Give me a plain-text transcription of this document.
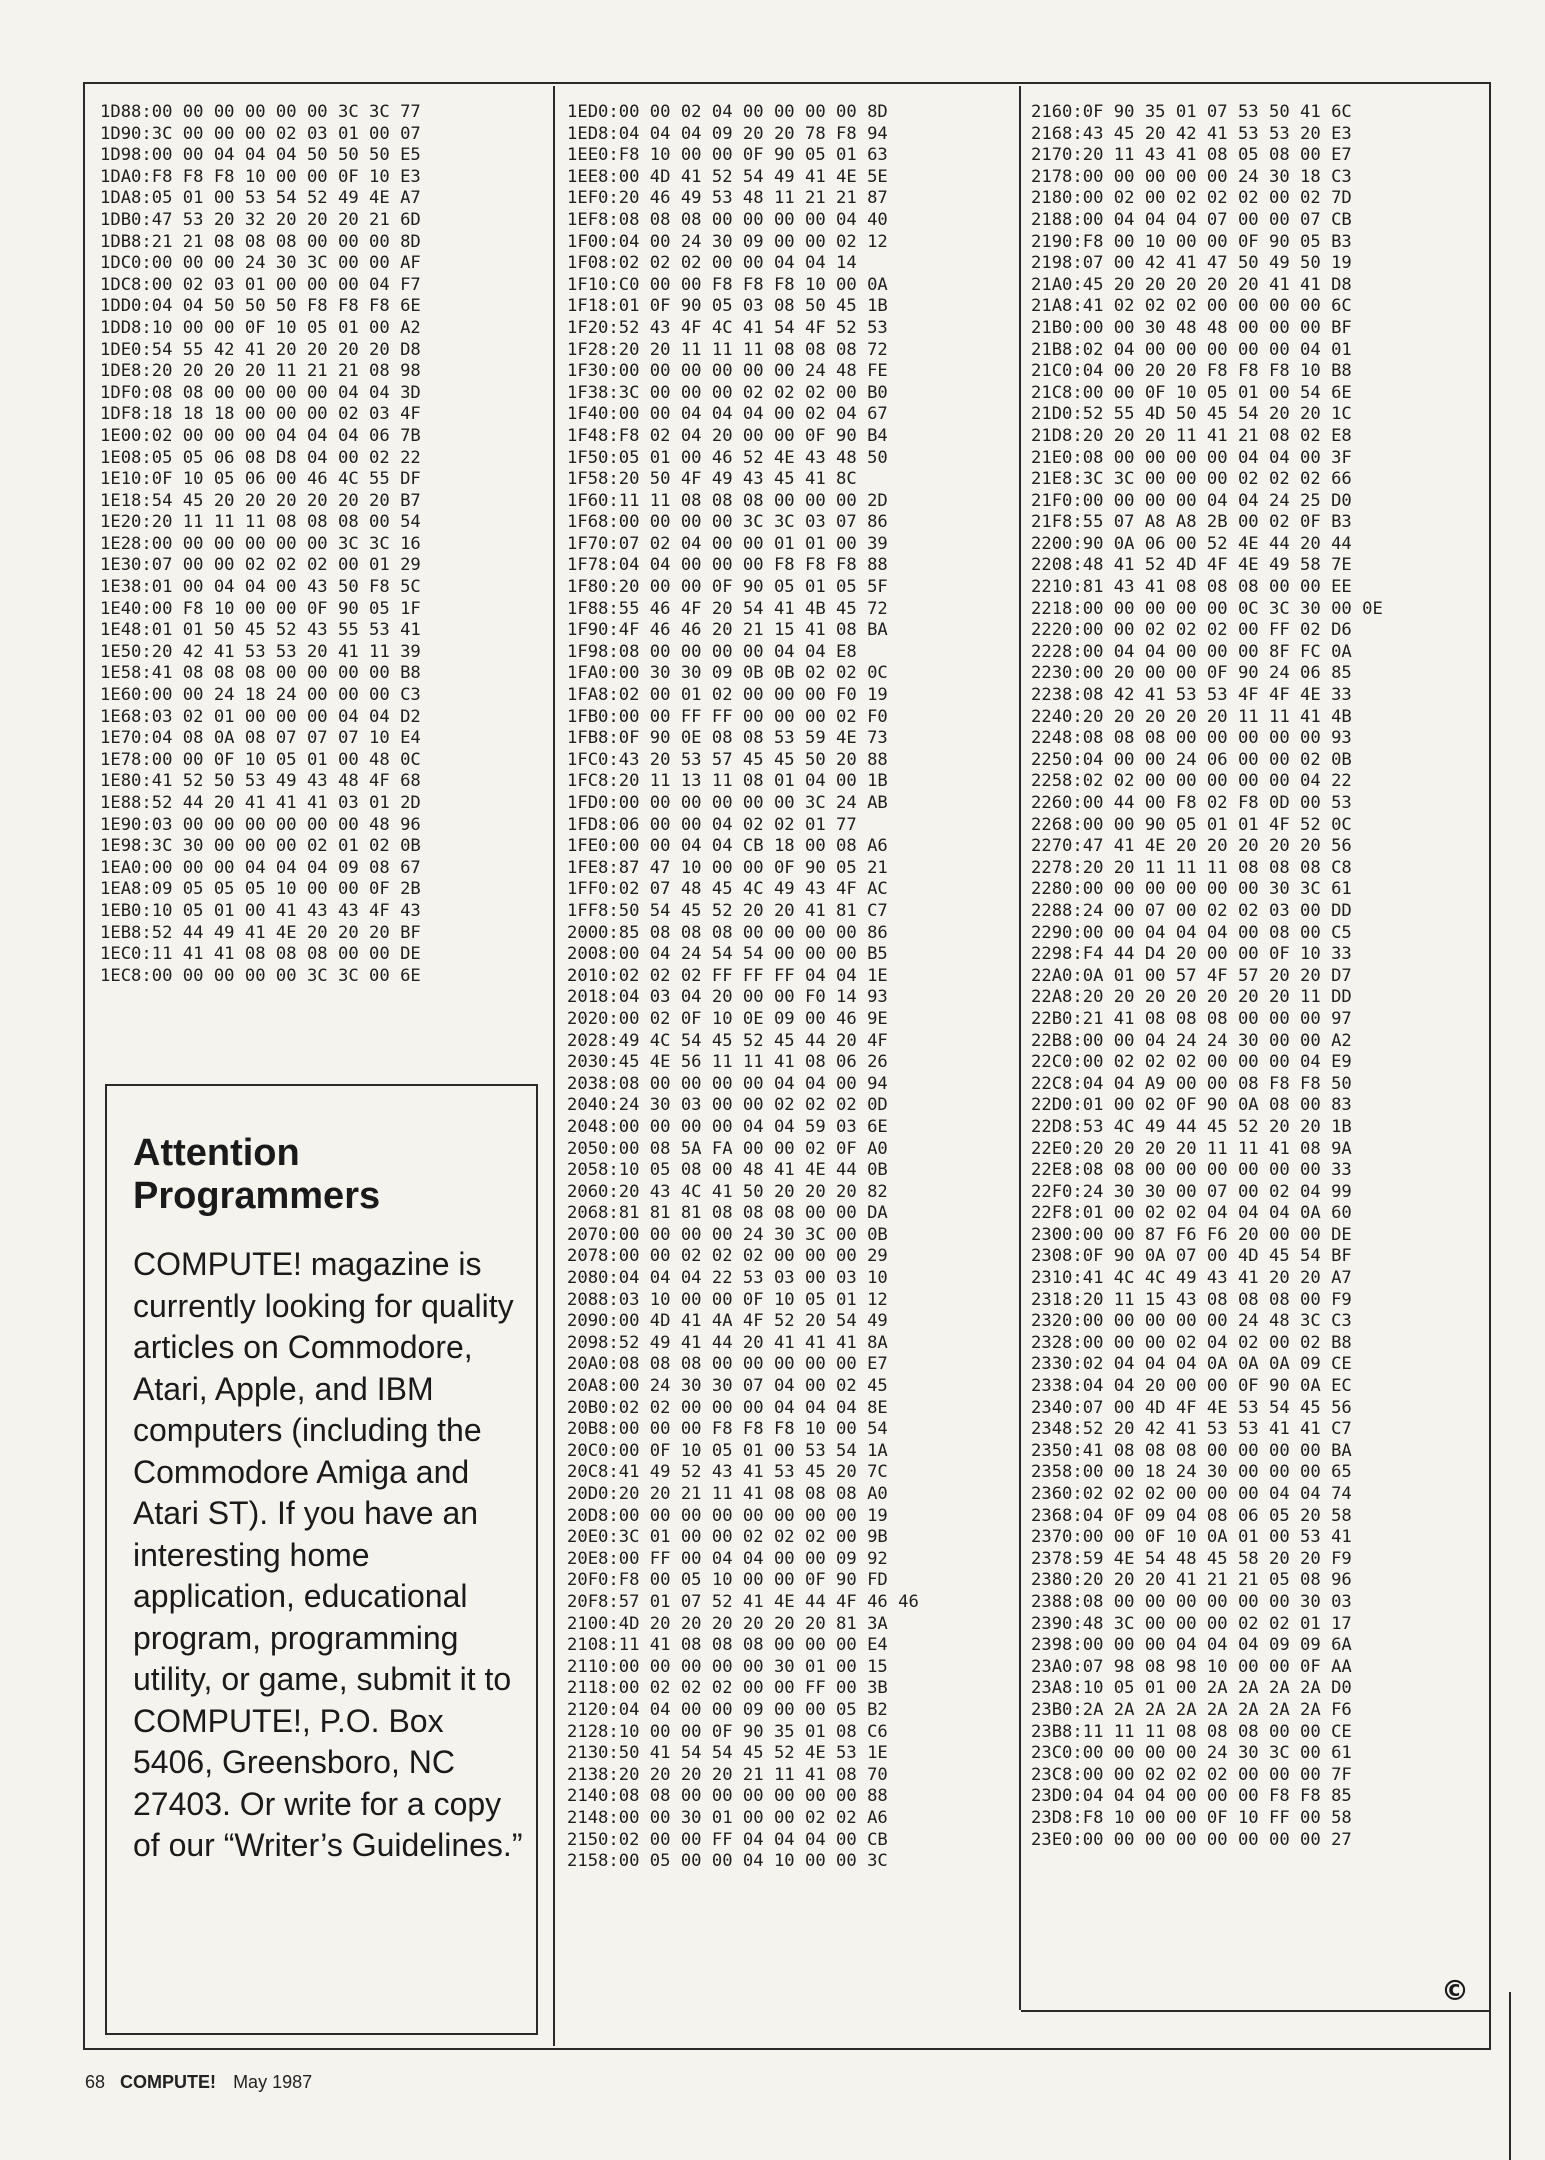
1D88:00 00 00 00 00 00 3C 3C 77
1D90:3C 00 00 00 02 03 01 00 07
1D98:00 00 04 04 04 50 50 50 E5
1DA0:F8 F8 F8 10 00 00 0F 10 E3
1DA8:05 01 00 53 54 52 49 4E A7
1DB0:47 53 20 32 20 20 20 21 6D
1DB8:21 21 08 08 08 00 00 00 8D
1DC0:00 00 00 24 30 3C 00 00 AF
1DC8:00 02 03 01 00 00 00 04 F7
1DD0:04 04 50 50 50 F8 F8 F8 6E
1DD8:10 00 00 0F 10 05 01 00 A2
1DE0:54 55 42 41 20 20 20 20 D8
1DE8:20 20 20 20 11 21 21 08 98
1DF0:08 08 00 00 00 00 04 04 3D
1DF8:18 18 18 00 00 00 02 03 4F
1E00:02 00 00 00 04 04 04 06 7B
1E08:05 05 06 08 D8 04 00 02 22
1E10:0F 10 05 06 00 46 4C 55 DF
1E18:54 45 20 20 20 20 20 20 B7
1E20:20 11 11 11 08 08 08 00 54
1E28:00 00 00 00 00 00 3C 3C 16
1E30:07 00 00 02 02 02 00 01 29
1E38:01 00 04 04 00 43 50 F8 5C
1E40:00 F8 10 00 00 0F 90 05 1F
1E48:01 01 50 45 52 43 55 53 41
1E50:20 42 41 53 53 20 41 11 39
1E58:41 08 08 08 00 00 00 00 B8
1E60:00 00 24 18 24 00 00 00 C3
1E68:03 02 01 00 00 00 04 04 D2
1E70:04 08 0A 08 07 07 07 10 E4
1E78:00 00 0F 10 05 01 00 48 0C
1E80:41 52 50 53 49 43 48 4F 68
1E88:52 44 20 41 41 41 03 01 2D
1E90:03 00 00 00 00 00 00 48 96
1E98:3C 30 00 00 00 02 01 02 0B
1EA0:00 00 00 04 04 04 09 08 67
1EA8:09 05 05 05 10 00 00 0F 2B
1EB0:10 05 01 00 41 43 43 4F 43
1EB8:52 44 49 41 4E 20 20 20 BF
1EC0:11 41 41 08 08 08 00 00 DE
1EC8:00 00 00 00 00 3C 3C 00 6E
1ED0:00 00 02 04 00 00 00 00 8D
1ED8:04 04 04 09 20 20 78 F8 94
1EE0:F8 10 00 00 0F 90 05 01 63
1EE8:00 4D 41 52 54 49 41 4E 5E
1EF0:20 46 49 53 48 11 21 21 87
1EF8:08 08 08 00 00 00 00 04 40
1F00:04 00 24 30 09 00 00 02 12
1F08:02 02 02 00 00 04 04 14
1F10:C0 00 00 F8 F8 F8 10 00 0A
1F18:01 0F 90 05 03 08 50 45 1B
1F20:52 43 4F 4C 41 54 4F 52 53
1F28:20 20 11 11 11 08 08 08 72
1F30:00 00 00 00 00 00 24 48 FE
1F38:3C 00 00 00 02 02 02 00 B0
1F40:00 00 04 04 04 00 02 04 67
1F48:F8 02 04 20 00 00 0F 90 B4
1F50:05 01 00 46 52 4E 43 48 50
1F58:20 50 4F 49 43 45 41 8C
1F60:11 11 08 08 08 00 00 00 2D
1F68:00 00 00 00 3C 3C 03 07 86
1F70:07 02 04 00 00 01 01 00 39
1F78:04 04 00 00 00 F8 F8 F8 88
1F80:20 00 00 0F 90 05 01 05 5F
1F88:55 46 4F 20 54 41 4B 45 72
1F90:4F 46 46 20 21 15 41 08 BA
1F98:08 00 00 00 00 04 04 E8
1FA0:00 30 30 09 0B 0B 02 02 0C
1FA8:02 00 01 02 00 00 00 F0 19
1FB0:00 00 FF FF 00 00 00 02 F0
1FB8:0F 90 0E 08 08 53 59 4E 73
1FC0:43 20 53 57 45 45 50 20 88
1FC8:20 11 13 11 08 01 04 00 1B
1FD0:00 00 00 00 00 00 3C 24 AB
1FD8:06 00 00 04 02 02 01 77
1FE0:00 00 04 04 CB 18 00 08 A6
1FE8:87 47 10 00 00 0F 90 05 21
1FF0:02 07 48 45 4C 49 43 4F AC
1FF8:50 54 45 52 20 20 41 81 C7
2000:85 08 08 08 00 00 00 00 86
2008:00 04 24 54 54 00 00 00 B5
2010:02 02 02 FF FF FF 04 04 1E
2018:04 03 04 20 00 00 F0 14 93
2020:00 02 0F 10 0E 09 00 46 9E
2028:49 4C 54 45 52 45 44 20 4F
2030:45 4E 56 11 11 41 08 06 26
2038:08 00 00 00 00 04 04 00 94
2040:24 30 03 00 00 02 02 02 0D
2048:00 00 00 00 04 04 59 03 6E
2050:00 08 5A FA 00 00 02 0F A0
2058:10 05 08 00 48 41 4E 44 0B
2060:20 43 4C 41 50 20 20 20 82
2068:81 81 81 08 08 08 00 00 DA
2070:00 00 00 00 24 30 3C 00 0B
2078:00 00 02 02 02 00 00 00 29
2080:04 04 04 22 53 03 00 03 10
2088:03 10 00 00 0F 10 05 01 12
2090:00 4D 41 4A 4F 52 20 54 49
2098:52 49 41 44 20 41 41 41 8A
20A0:08 08 08 00 00 00 00 00 E7
20A8:00 24 30 30 07 04 00 02 45
20B0:02 02 00 00 00 04 04 04 8E
20B8:00 00 00 F8 F8 F8 10 00 54
20C0:00 0F 10 05 01 00 53 54 1A
20C8:41 49 52 43 41 53 45 20 7C
20D0:20 20 21 11 41 08 08 08 A0
20D8:00 00 00 00 00 00 00 00 19
20E0:3C 01 00 00 02 02 02 00 9B
20E8:00 FF 00 04 04 00 00 09 92
20F0:F8 00 05 10 00 00 0F 90 FD
20F8:57 01 07 52 41 4E 44 4F 46 46
2100:4D 20 20 20 20 20 20 81 3A
2108:11 41 08 08 08 00 00 00 E4
2110:00 00 00 00 00 30 01 00 15
2118:00 02 02 02 00 00 FF 00 3B
2120:04 04 00 00 09 00 00 05 B2
2128:10 00 00 0F 90 35 01 08 C6
2130:50 41 54 54 45 52 4E 53 1E
2138:20 20 20 20 21 11 41 08 70
2140:08 08 00 00 00 00 00 00 88
2148:00 00 30 01 00 00 02 02 A6
2150:02 00 00 FF 04 04 04 00 CB
2158:00 05 00 00 04 10 00 00 3C
2160:0F 90 35 01 07 53 50 41 6C
2168:43 45 20 42 41 53 53 20 E3
2170:20 11 43 41 08 05 08 00 E7
2178:00 00 00 00 00 24 30 18 C3
2180:00 02 00 02 02 02 00 02 7D
2188:00 04 04 04 07 00 00 07 CB
2190:F8 00 10 00 00 0F 90 05 B3
2198:07 00 42 41 47 50 49 50 19
21A0:45 20 20 20 20 20 41 41 D8
21A8:41 02 02 02 00 00 00 00 6C
21B0:00 00 30 48 48 00 00 00 BF
21B8:02 04 00 00 00 00 00 04 01
21C0:04 00 20 20 F8 F8 F8 10 B8
21C8:00 00 0F 10 05 01 00 54 6E
21D0:52 55 4D 50 45 54 20 20 1C
21D8:20 20 20 11 41 21 08 02 E8
21E0:08 00 00 00 00 04 04 00 3F
21E8:3C 3C 00 00 00 02 02 02 66
21F0:00 00 00 00 04 04 24 25 D0
21F8:55 07 A8 A8 2B 00 02 0F B3
2200:90 0A 06 00 52 4E 44 20 44
2208:48 41 52 4D 4F 4E 49 58 7E
2210:81 43 41 08 08 08 00 00 EE
2218:00 00 00 00 00 0C 3C 30 00 0E
2220:00 00 02 02 02 00 FF 02 D6
2228:00 04 04 00 00 00 8F FC 0A
2230:00 20 00 00 0F 90 24 06 85
2238:08 42 41 53 53 4F 4F 4E 33
2240:20 20 20 20 20 11 11 41 4B
2248:08 08 08 00 00 00 00 00 93
2250:04 00 00 24 06 00 00 02 0B
2258:02 02 00 00 00 00 00 04 22
2260:00 44 00 F8 02 F8 0D 00 53
2268:00 00 90 05 01 01 4F 52 0C
2270:47 41 4E 20 20 20 20 20 56
2278:20 20 11 11 11 08 08 08 C8
2280:00 00 00 00 00 00 30 3C 61
2288:24 00 07 00 02 02 03 00 DD
2290:00 00 04 04 04 00 08 00 C5
2298:F4 44 D4 20 00 00 0F 10 33
22A0:0A 01 00 57 4F 57 20 20 D7
22A8:20 20 20 20 20 20 20 11 DD
22B0:21 41 08 08 08 00 00 00 97
22B8:00 00 04 24 24 30 00 00 A2
22C0:00 02 02 02 00 00 00 04 E9
22C8:04 04 A9 00 00 08 F8 F8 50
22D0:01 00 02 0F 90 0A 08 00 83
22D8:53 4C 49 44 45 52 20 20 1B
22E0:20 20 20 20 11 11 41 08 9A
22E8:08 08 00 00 00 00 00 00 33
22F0:24 30 30 00 07 00 02 04 99
22F8:01 00 02 02 04 04 04 0A 60
2300:00 00 87 F6 F6 20 00 00 DE
2308:0F 90 0A 07 00 4D 45 54 BF
2310:41 4C 4C 49 43 41 20 20 A7
2318:20 11 15 43 08 08 08 00 F9
2320:00 00 00 00 00 24 48 3C C3
2328:00 00 00 02 04 02 00 02 B8
2330:02 04 04 04 0A 0A 0A 09 CE
2338:04 04 20 00 00 0F 90 0A EC
2340:07 00 4D 4F 4E 53 54 45 56
2348:52 20 42 41 53 53 41 41 C7
2350:41 08 08 08 00 00 00 00 BA
2358:00 00 18 24 30 00 00 00 65
2360:02 02 02 00 00 00 04 04 74
2368:04 0F 09 04 08 06 05 20 58
2370:00 00 0F 10 0A 01 00 53 41
2378:59 4E 54 48 45 58 20 20 F9
2380:20 20 20 41 21 21 05 08 96
2388:08 00 00 00 00 00 00 30 03
2390:48 3C 00 00 00 02 02 01 17
2398:00 00 00 04 04 04 09 09 6A
23A0:07 98 08 98 10 00 00 0F AA
23A8:10 05 01 00 2A 2A 2A 2A D0
23B0:2A 2A 2A 2A 2A 2A 2A 2A F6
23B8:11 11 11 08 08 08 00 00 CE
23C0:00 00 00 00 24 30 3C 00 61
23C8:00 00 02 02 02 00 00 00 7F
23D0:04 04 04 00 00 00 F8 F8 85
23D8:F8 10 00 00 0F 10 FF 00 58
23E0:00 00 00 00 00 00 00 00 27
Attention Programmers
COMPUTE! magazine is currently looking for quality articles on Commodore, Atari, Apple, and IBM computers (including the Commodore Amiga and Atari ST). If you have an interesting home application, educational program, programming utility, or game, submit it to COMPUTE!, P.O. Box 5406, Greensboro, NC 27403. Or write for a copy of our “Writer’s Guidelines.”
©
68 COMPUTE! May 1987
